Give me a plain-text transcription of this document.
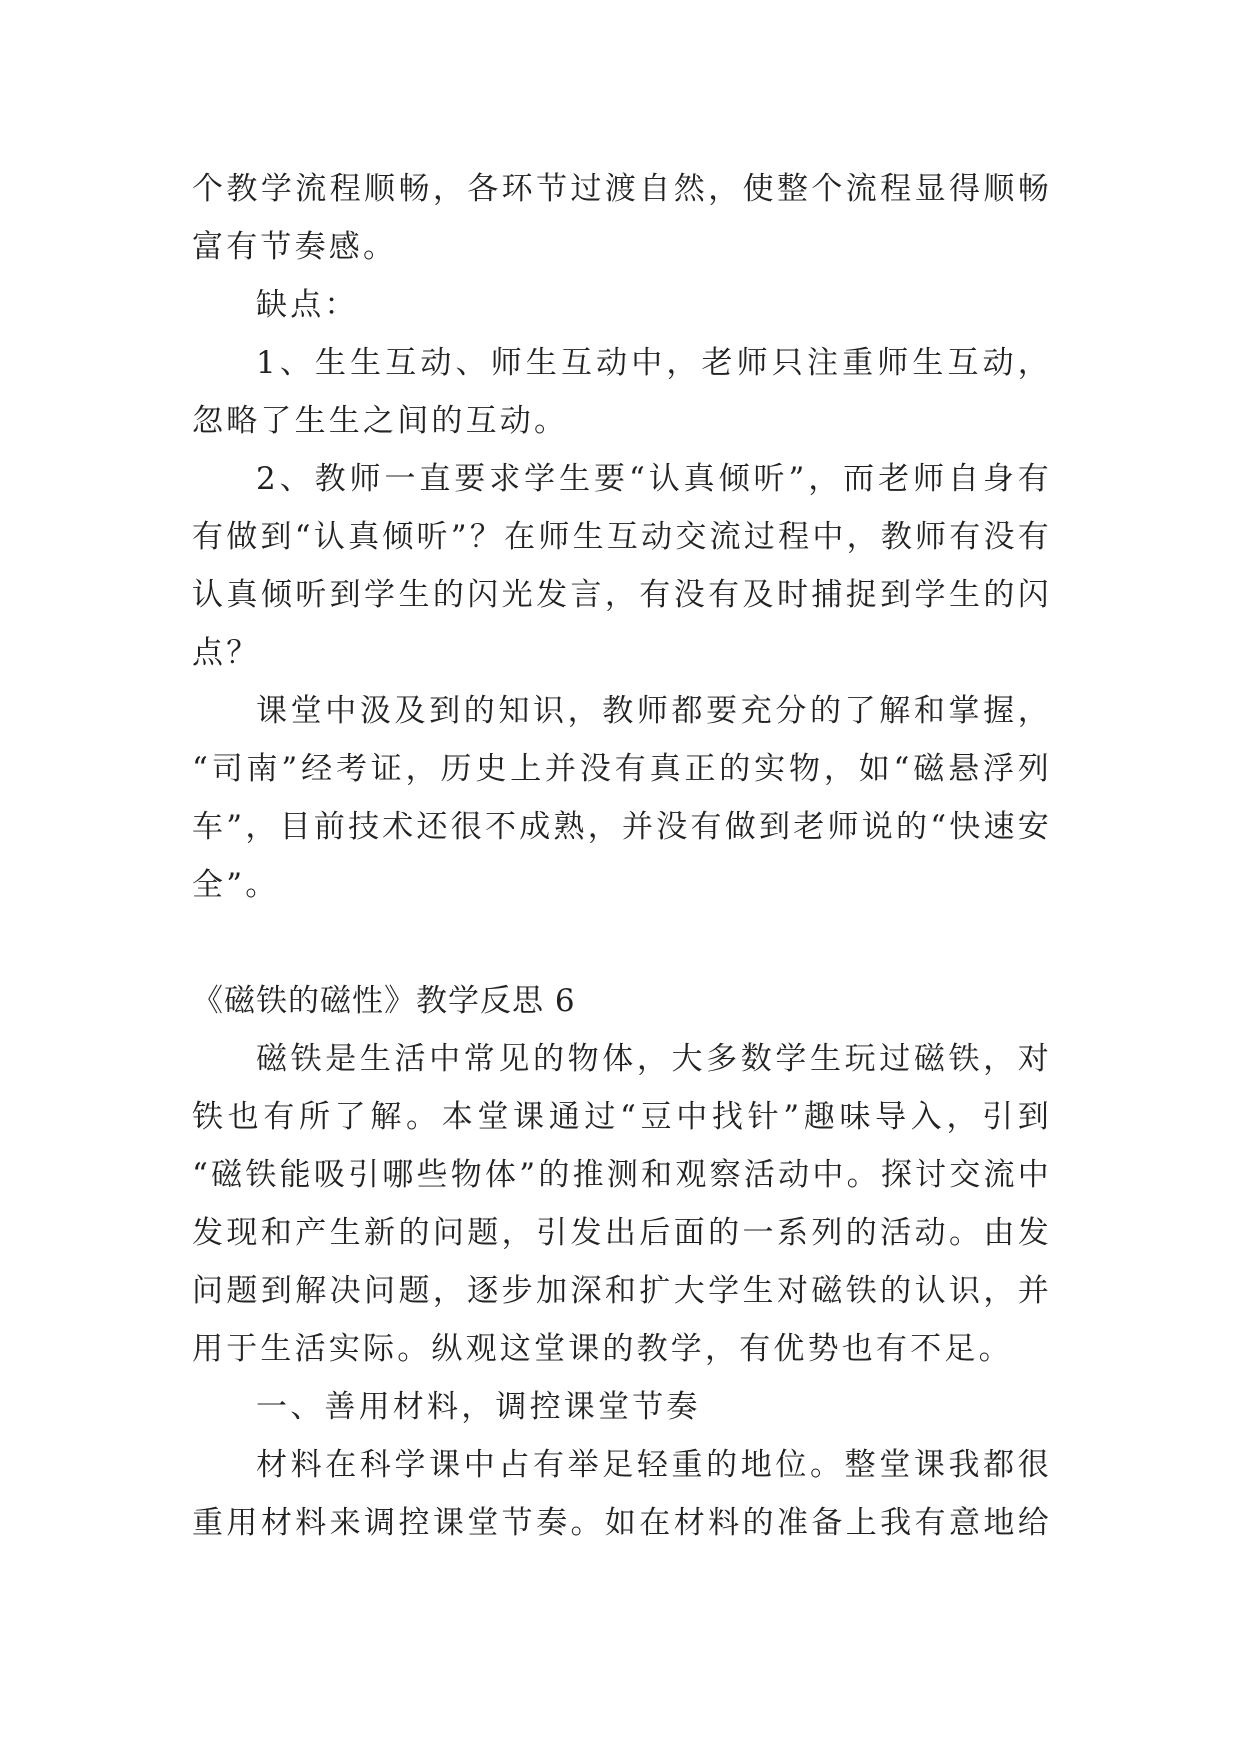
个教学流程顺畅，各环节过渡自然，使整个流程显得顺畅
富有节奏感。
缺点：
1、生生互动、师生互动中，老师只注重师生互动，
忽略了生生之间的互动。
2、教师一直要求学生要“认真倾听”，而老师自身有
有做到“认真倾听”？在师生互动交流过程中，教师有没有
认真倾听到学生的闪光发言，有没有及时捕捉到学生的闪
点？
课堂中汲及到的知识，教师都要充分的了解和掌握，
“司南”经考证，历史上并没有真正的实物，如“磁悬浮列
车”，目前技术还很不成熟，并没有做到老师说的“快速安
全”。
《磁铁的磁性》教学反思 6
磁铁是生活中常见的物体，大多数学生玩过磁铁，对
铁也有所了解。本堂课通过“豆中找针”趣味导入，引到
“磁铁能吸引哪些物体”的推测和观察活动中。探讨交流中
发现和产生新的问题，引发出后面的一系列的活动。由发
问题到解决问题，逐步加深和扩大学生对磁铁的认识，并
用于生活实际。纵观这堂课的教学，有优势也有不足。
一、善用材料，调控课堂节奏
材料在科学课中占有举足轻重的地位。整堂课我都很
重用材料来调控课堂节奏。如在材料的准备上我有意地给
